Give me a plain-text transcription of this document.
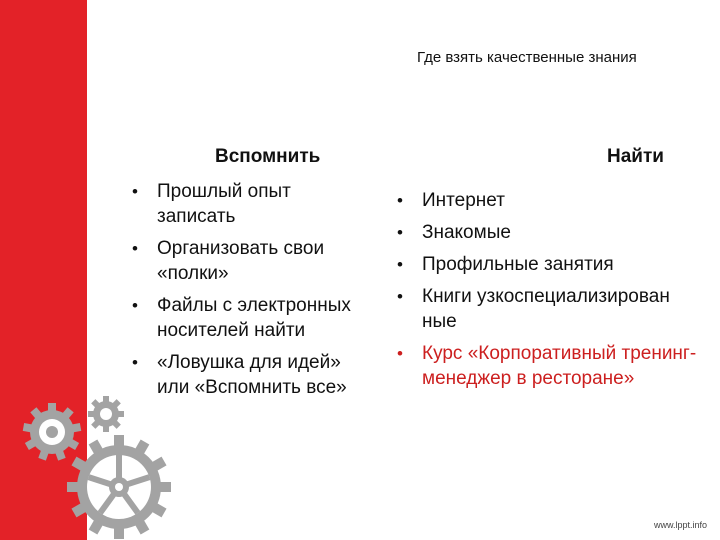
Где взять качественные знания
Вспомнить	Найти
• Прошлый опыт записать
• Организовать свои «полки»
• Файлы с электронных носителей найти
• «Ловушка для идей» или «Вспомнить все»
• Интернет
• Знакомые
• Профильные занятия
• Книги узкоспециализирован ные
• Курс «Корпоративный тренинг-менеджер в ресторане»
www.lppt.info
